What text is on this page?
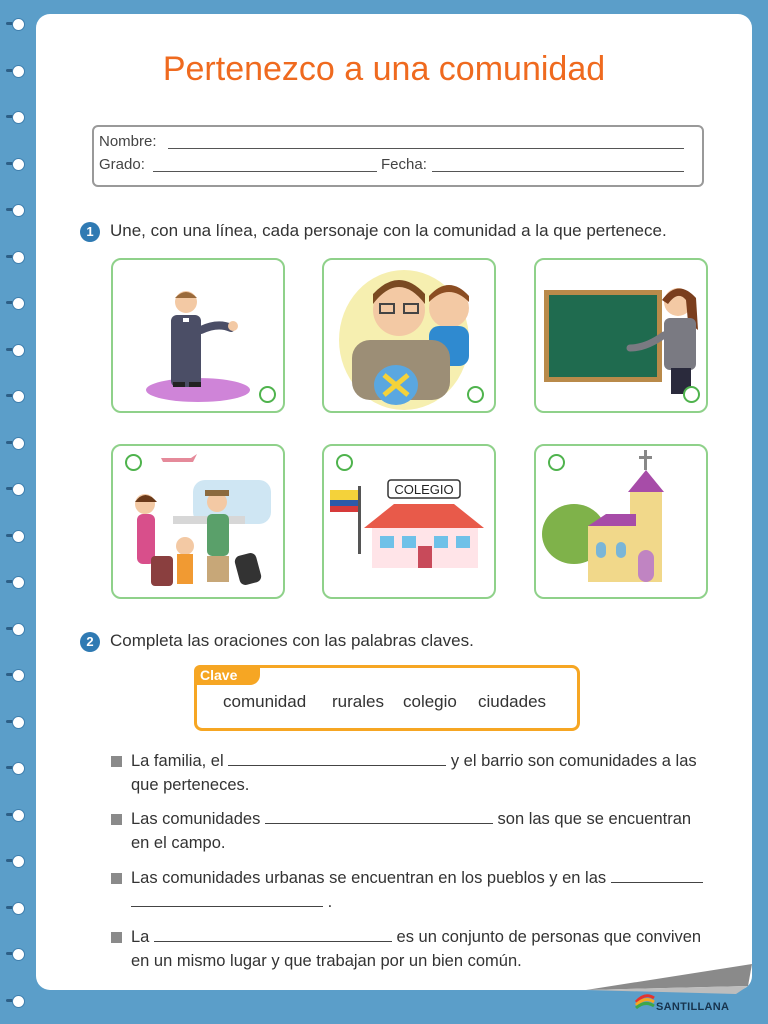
Pertenezco a una comunidad
Nombre:
Grado:	Fecha:
1 Une, con una línea, cada personaje con la comunidad a la que pertenece.
COLEGIO
2 Completa las oraciones con las palabras claves.
Clave
comunidad rurales colegio ciudades
La familia, el	y el barrio son comunidades a las
que perteneces.
Las comunidades	son las que se encuentran
en el campo.
Las comunidades urbanas se encuentran en los pueblos y en las
.
La	es un conjunto de personas que conviven
en un mismo lugar y que trabajan por un bien común.
SANTILLANA
